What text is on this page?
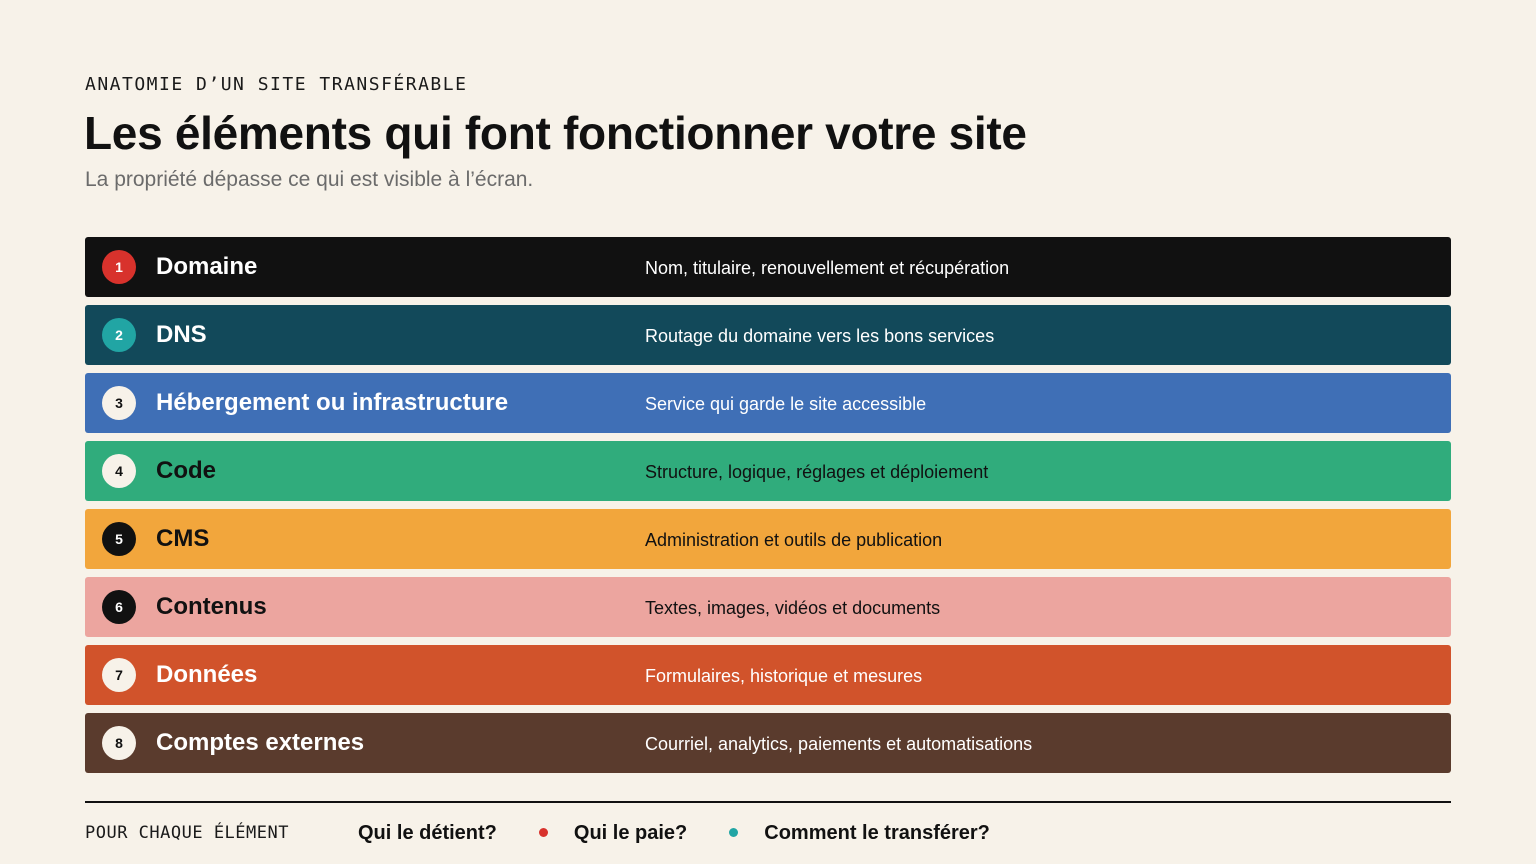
ANATOMIE D’UN SITE TRANSFÉRABLE
Les éléments qui font fonctionner votre site
La propriété dépasse ce qui est visible à l’écran.
1	Domaine	Nom, titulaire, renouvellement et récupération
2	DNS	Routage du domaine vers les bons services
3	Hébergement ou infrastructure	Service qui garde le site accessible
4	Code	Structure, logique, réglages et déploiement
5	CMS	Administration et outils de publication
6	Contenus	Textes, images, vidéos et documents
7	Données	Formulaires, historique et mesures
8	Comptes externes	Courriel, analytics, paiements et automatisations
POUR CHAQUE ÉLÉMENT	Qui le détient?	Qui le paie?	Comment le transférer?
